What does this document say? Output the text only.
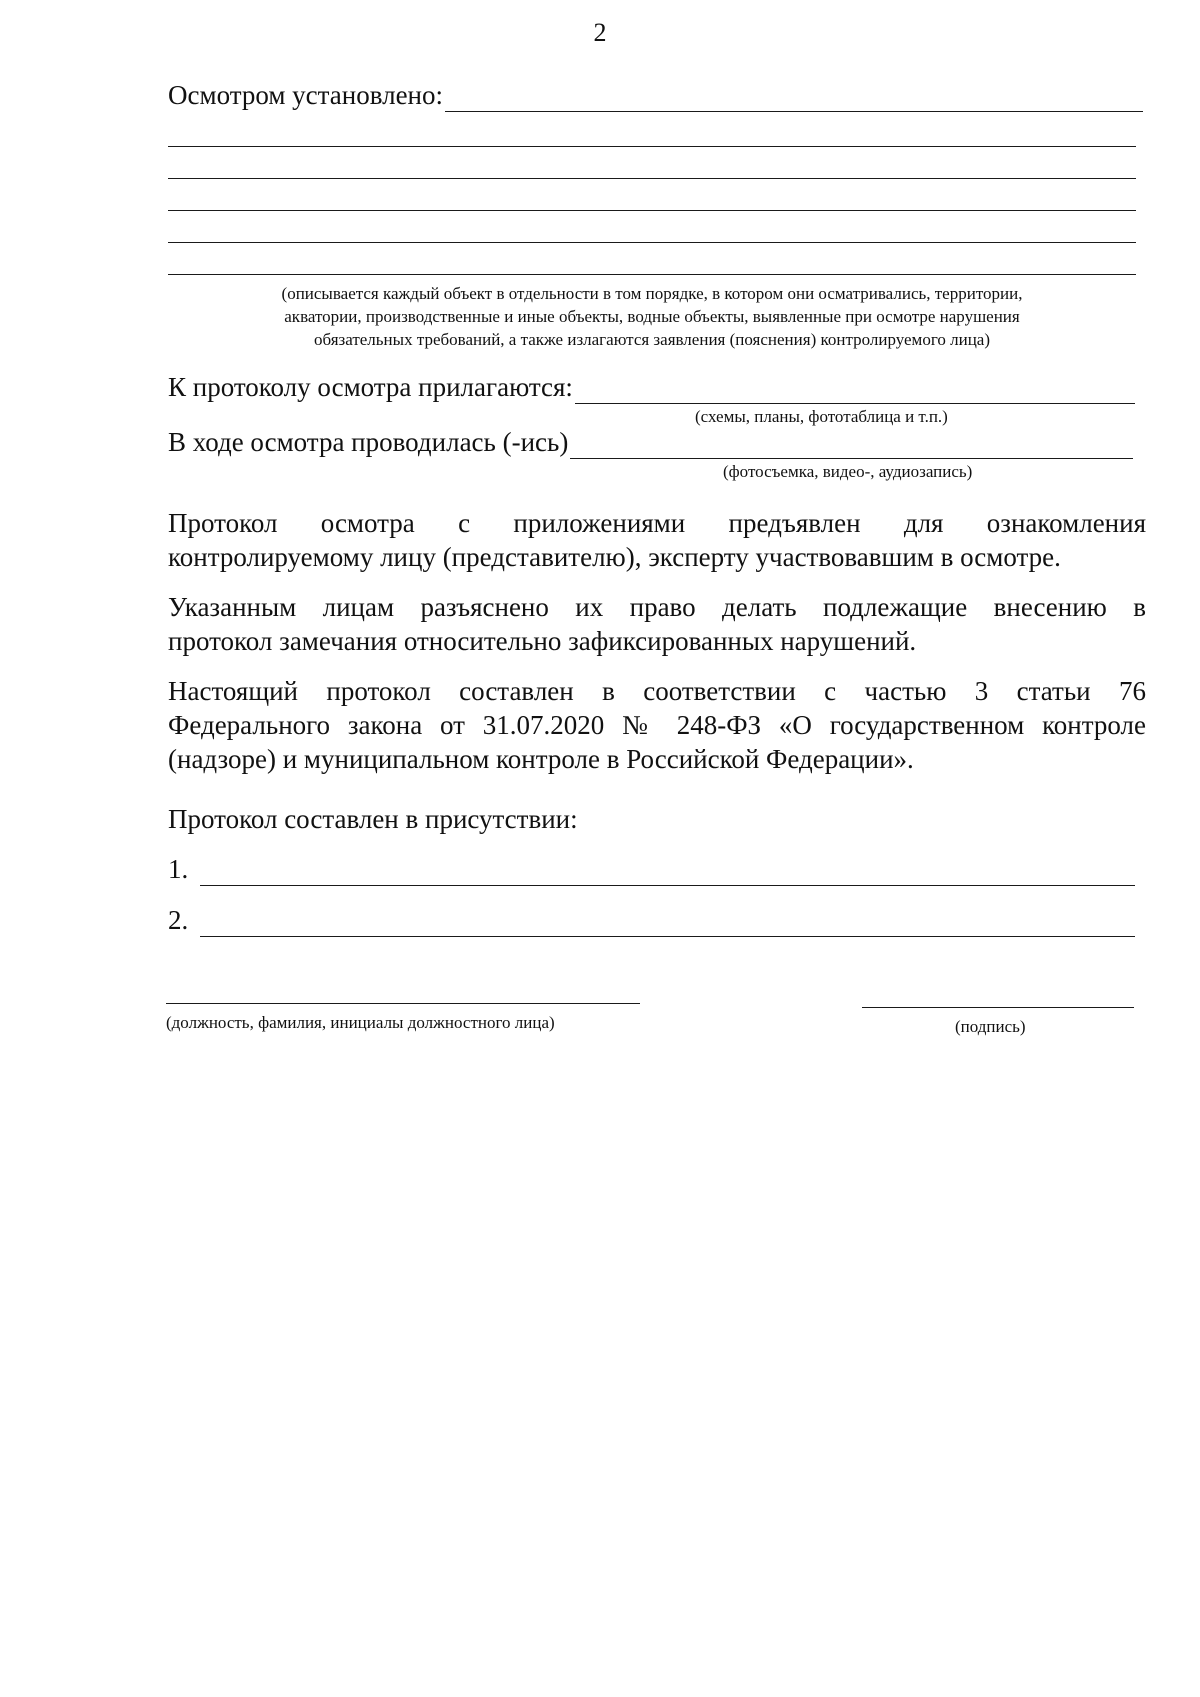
2
Осмотром установлено:
(описывается каждый объект в отдельности в том порядке, в котором они осматривались, территории,
акватории, производственные и иные объекты, водные объекты, выявленные при осмотре нарушения
обязательных требований, а также излагаются заявления (пояснения) контролируемого лица)
К протоколу осмотра прилагаются:
(схемы, планы, фототаблица и т.п.)
В ходе осмотра проводилась (-ись)
(фотосъемка, видео-, аудиозапись)
Протокол осмотра с приложениями предъявлен для ознакомления
контролируемому лицу (представителю), эксперту участвовавшим в осмотре.
Указанным лицам разъяснено их право делать подлежащие внесению в
протокол замечания относительно зафиксированных нарушений.
Настоящий протокол составлен в соответствии с частью 3 статьи 76
Федерального закона от 31.07.2020 № 248-ФЗ «О государственном контроле
(надзоре) и муниципальном контроле в Российской Федерации».
Протокол составлен в присутствии:
1.
2.
(должность, фамилия, инициалы должностного лица)	(подпись)
